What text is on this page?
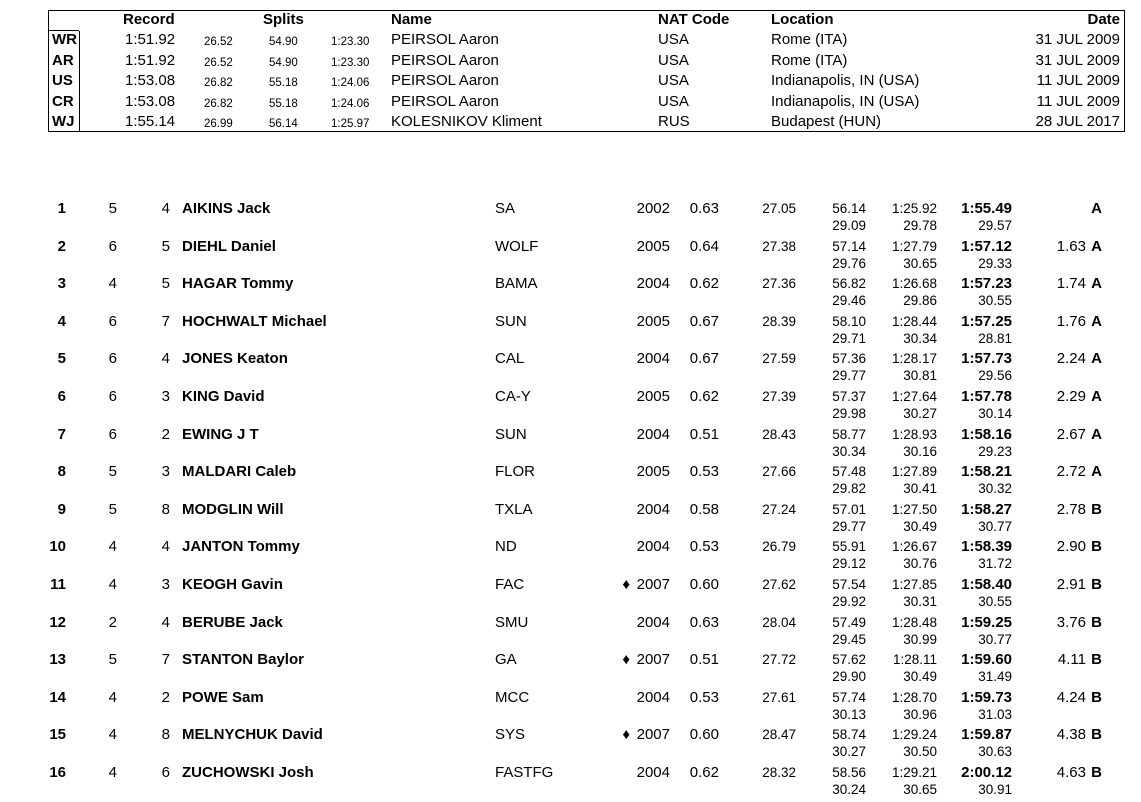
Record	Splits	Name	NAT Code	Location	Date
WR	1:51.92	26.52	54.90	1:23.30 PEIRSOL Aaron	USA	Rome (ITA)	31 JUL 2009
AR	1:51.92	26.52	54.90	1:23.30 PEIRSOL Aaron	USA	Rome (ITA)	31 JUL 2009
US	1:53.08	26.82	55.18	1:24.06 PEIRSOL Aaron	USA	Indianapolis, IN (USA)	11 JUL 2009
CR	1:53.08	26.82	55.18	1:24.06 PEIRSOL Aaron	USA	Indianapolis, IN (USA)	11 JUL 2009
WJ	1:55.14	26.99	56.14	1:25.97 KOLESNIKOV Kliment	RUS	Budapest (HUN)	28 JUL 2017
1	5	4 AIKINS Jack	SA	2002 0.63	27.05	56.14 1:25.92 1:55.49	A
29.09	29.78	29.57
2	6	5 DIEHL Daniel	WOLF	2005 0.64	27.38	57.14 1:27.79 1:57.12	1.63 A
29.76	30.65	29.33
3	4	5 HAGAR Tommy	BAMA	2004 0.62	27.36	56.82 1:26.68 1:57.23	1.74 A
29.46	29.86	30.55
4	6	7 HOCHWALT Michael	SUN	2005 0.67	28.39	58.10 1:28.44 1:57.25	1.76 A
29.71	30.34	28.81
5	6	4 JONES Keaton	CAL	2004 0.67	27.59	57.36 1:28.17 1:57.73	2.24 A
29.77	30.81	29.56
6	6	3 KING David	CA-Y	2005 0.62	27.39	57.37 1:27.64 1:57.78	2.29 A
29.98	30.27	30.14
7	6	2 EWING J T	SUN	2004 0.51	28.43	58.77 1:28.93 1:58.16	2.67 A
30.34	30.16	29.23
8	5	3 MALDARI Caleb	FLOR	2005 0.53	27.66	57.48 1:27.89 1:58.21	2.72 A
29.82	30.41	30.32
9	5	8 MODGLIN Will	TXLA	2004 0.58	27.24	57.01 1:27.50 1:58.27	2.78 B
29.77	30.49	30.77
10	4	4 JANTON Tommy	ND	2004 0.53	26.79	55.91 1:26.67 1:58.39	2.90 B
29.12	30.76	31.72
11	4	3 KEOGH Gavin	FAC	♦ 2007 0.60	27.62	57.54 1:27.85 1:58.40	2.91 B
29.92	30.31	30.55
12	2	4 BERUBE Jack	SMU	2004 0.63	28.04	57.49 1:28.48 1:59.25	3.76 B
29.45	30.99	30.77
13	5	7 STANTON Baylor	GA	♦ 2007 0.51	27.72	57.62 1:28.11 1:59.60	4.11 B
29.90	30.49	31.49
14	4	2 POWE Sam	MCC	2004 0.53	27.61	57.74 1:28.70 1:59.73	4.24 B
30.13	30.96	31.03
15	4	8 MELNYCHUK David	SYS	♦ 2007 0.60	28.47	58.74 1:29.24 1:59.87	4.38 B
30.27	30.50	30.63
16	4	6 ZUCHOWSKI Josh	FASTFG	2004 0.62	28.32	58.56 1:29.21 2:00.12	4.63 B
30.24	30.65	30.91
